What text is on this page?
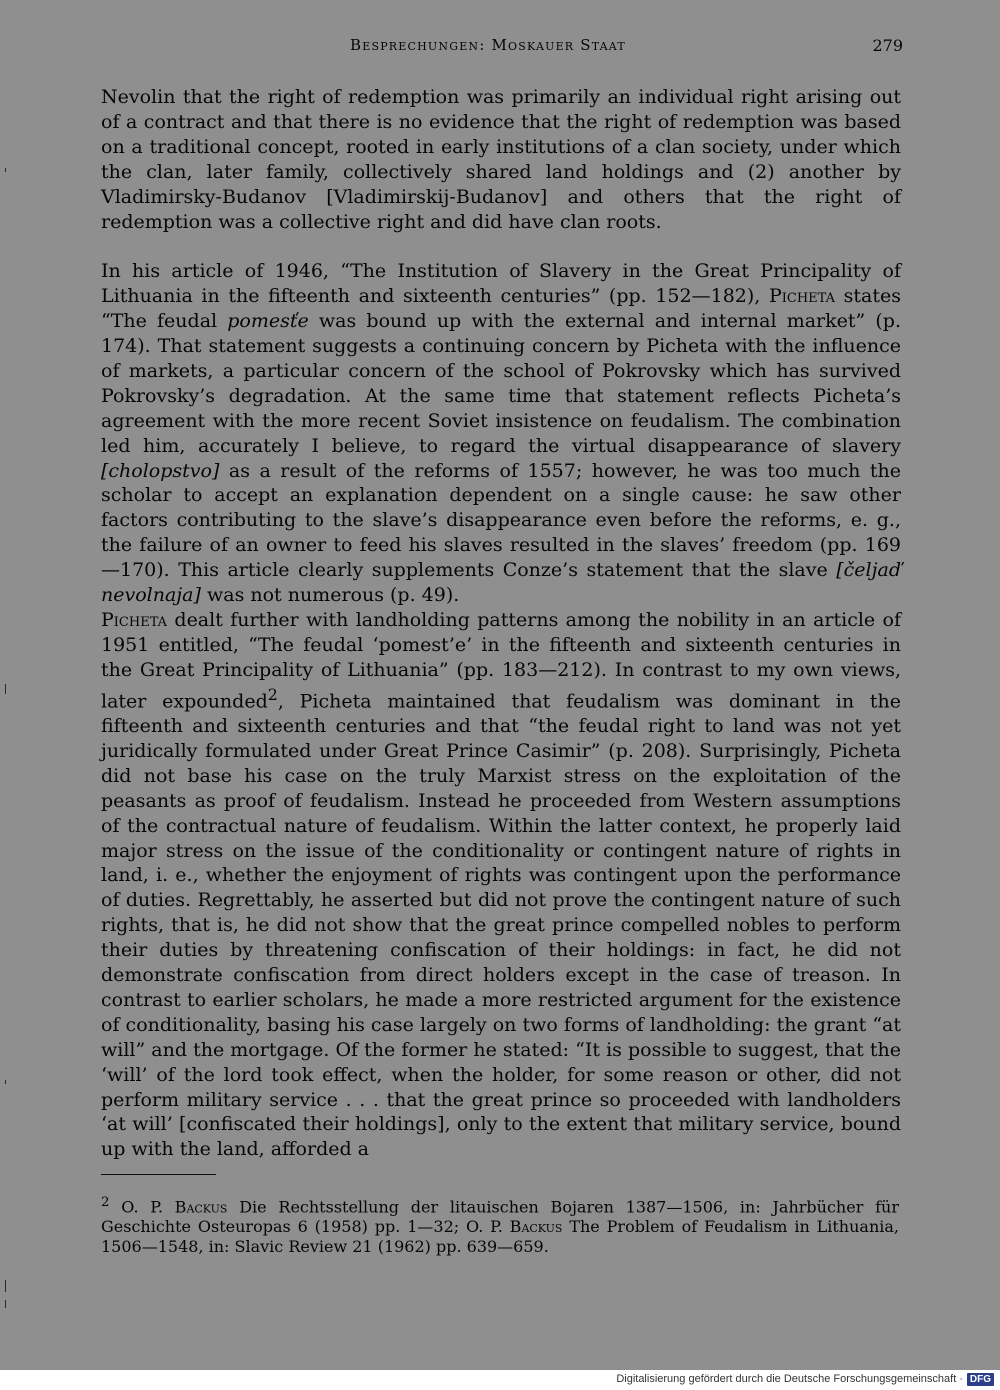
Besprechungen: Moskauer Staat	279

Nevolin that the right of redemption was primarily an individual right arising out of a contract and that there is no evidence that the right of redemption was based on a traditional concept, rooted in early institutions of a clan society, under which the clan, later family, collectively shared land holdings and (2) another by Vladimirsky-Budanov [Vladimirskij-Budanov] and others that the right of redemption was a collective right and did have clan roots.

In his article of 1946, “The Institution of Slavery in the Great Principality of Lithuania in the fifteenth and sixteenth centuries” (pp. 152—182), Picheta states “The feudal pomesťe was bound up with the external and internal market” (p. 174). That statement suggests a continuing concern by Picheta with the influence of markets, a particular concern of the school of Pokrovsky which has survived Pokrovsky’s degradation. At the same time that statement reflects Picheta’s agreement with the more recent Soviet insistence on feudalism. The combination led him, accurately I believe, to regard the virtual disappearance of slavery [cholopstvo] as a result of the reforms of 1557; however, he was too much the scholar to accept an explanation dependent on a single cause: he saw other factors contributing to the slave’s disappearance even before the reforms, e. g., the failure of an owner to feed his slaves resulted in the slaves’ freedom (pp. 169—170). This article clearly supplements Conze’s statement that the slave [čeljaď nevolnaja] was not numerous (p. 49).

Picheta dealt further with landholding patterns among the nobility in an article of 1951 entitled, “The feudal ‘pomest’e’ in the fifteenth and sixteenth centuries in the Great Principality of Lithuania” (pp. 183—212). In contrast to my own views, later expounded$^2$, Picheta maintained that feudalism was dominant in the fifteenth and sixteenth centuries and that “the feudal right to land was not yet juridically formulated under Great Prince Casimir” (p. 208). Surprisingly, Picheta did not base his case on the truly Marxist stress on the exploitation of the peasants as proof of feudalism. Instead he proceeded from Western assumptions of the contractual nature of feudalism. Within the latter context, he properly laid major stress on the issue of the conditionality or contingent nature of rights in land, i. e., whether the enjoyment of rights was contingent upon the performance of duties. Regrettably, he asserted but did not prove the contingent nature of such rights, that is, he did not show that the great prince compelled nobles to perform their duties by threatening confiscation of their holdings: in fact, he did not demonstrate confiscation from direct holders except in the case of treason. In contrast to earlier scholars, he made a more restricted argument for the existence of conditionality, basing his case largely on two forms of landholding: the grant “at will” and the mortgage. Of the former he stated: “It is possible to suggest, that the ‘will’ of the lord took effect, when the holder, for some reason or other, did not perform military service . . . that the great prince so proceeded with landholders ‘at will’ [confiscated their holdings], only to the extent that military service, bound up with the land, afforded a

$^2$ O. P. Backus Die Rechtsstellung der litauischen Bojaren 1387—1506, in: Jahrbücher für Geschichte Osteuropas 6 (1958) pp. 1—32; O. P. Backus The Problem of Feudalism in Lithuania, 1506—1548, in: Slavic Review 21 (1962) pp. 639—659.

Digitalisierung gefördert durch die Deutsche Forschungsgemeinschaft · DFG
